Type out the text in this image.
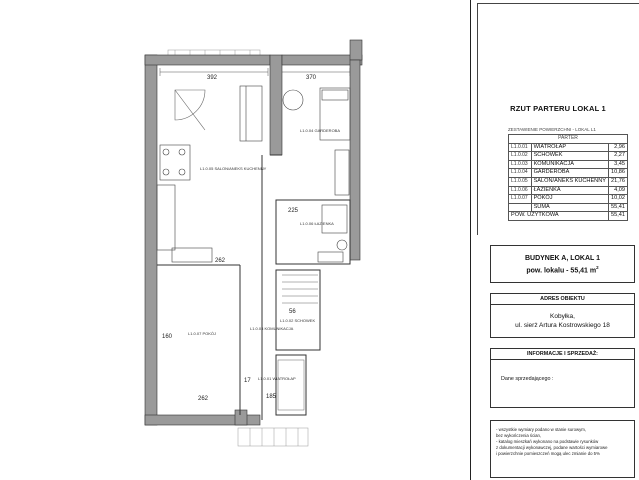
392	370
L1.0.05 SALON/ANEKS KUCHENNY
L1.0.07 POKÓJ
L1.0.06 ŁAZIENKA
L1.0.04 GARDEROBA
L1.0.03 KOMUNIKACJA
L1.0.02 SCHOWEK
L1.0.01 WIATROŁAP
262
225
262	185
17
160
56
RZUT PARTERU LOKAL 1
ZESTAWIENIE POWIERZCHNI - LOKAL L1
PARTER		
L1.0.01	WIATROŁAP	2,96
L1.0.02	SCHOWEK	2,27
L1.0.03	KOMUNIKACJA	3,45
L1.0.04	GARDEROBA	10,86
L1.0.05	SALON/ANEKS KUCHENNY	21,76
L1.0.06	ŁAZIENKA	4,09
L1.0.07	POKÓJ	10,02
	SUMA	55,41
POW. UŻYTKOWA		55,41
BUDYNEK A, LOKAL 1
pow. lokalu - 55,41 $m^2$
ADRES OBIEKTU
Kobyłka,
ul. sierż Artura Kostrowskiego 18
INFORMACJE I SPRZEDAŻ:
Dane sprzedającego :
- wszystkie wymiary podano w stanie surowym,
bez wykończenia ścian,
- katalog mieszkań wykonano na podstawie rysunków
z dokumentacji wykonawczej, podane wartości wymiarowe
i powierzchnie pomieszczeń mogą ulec zmianie do 5%
